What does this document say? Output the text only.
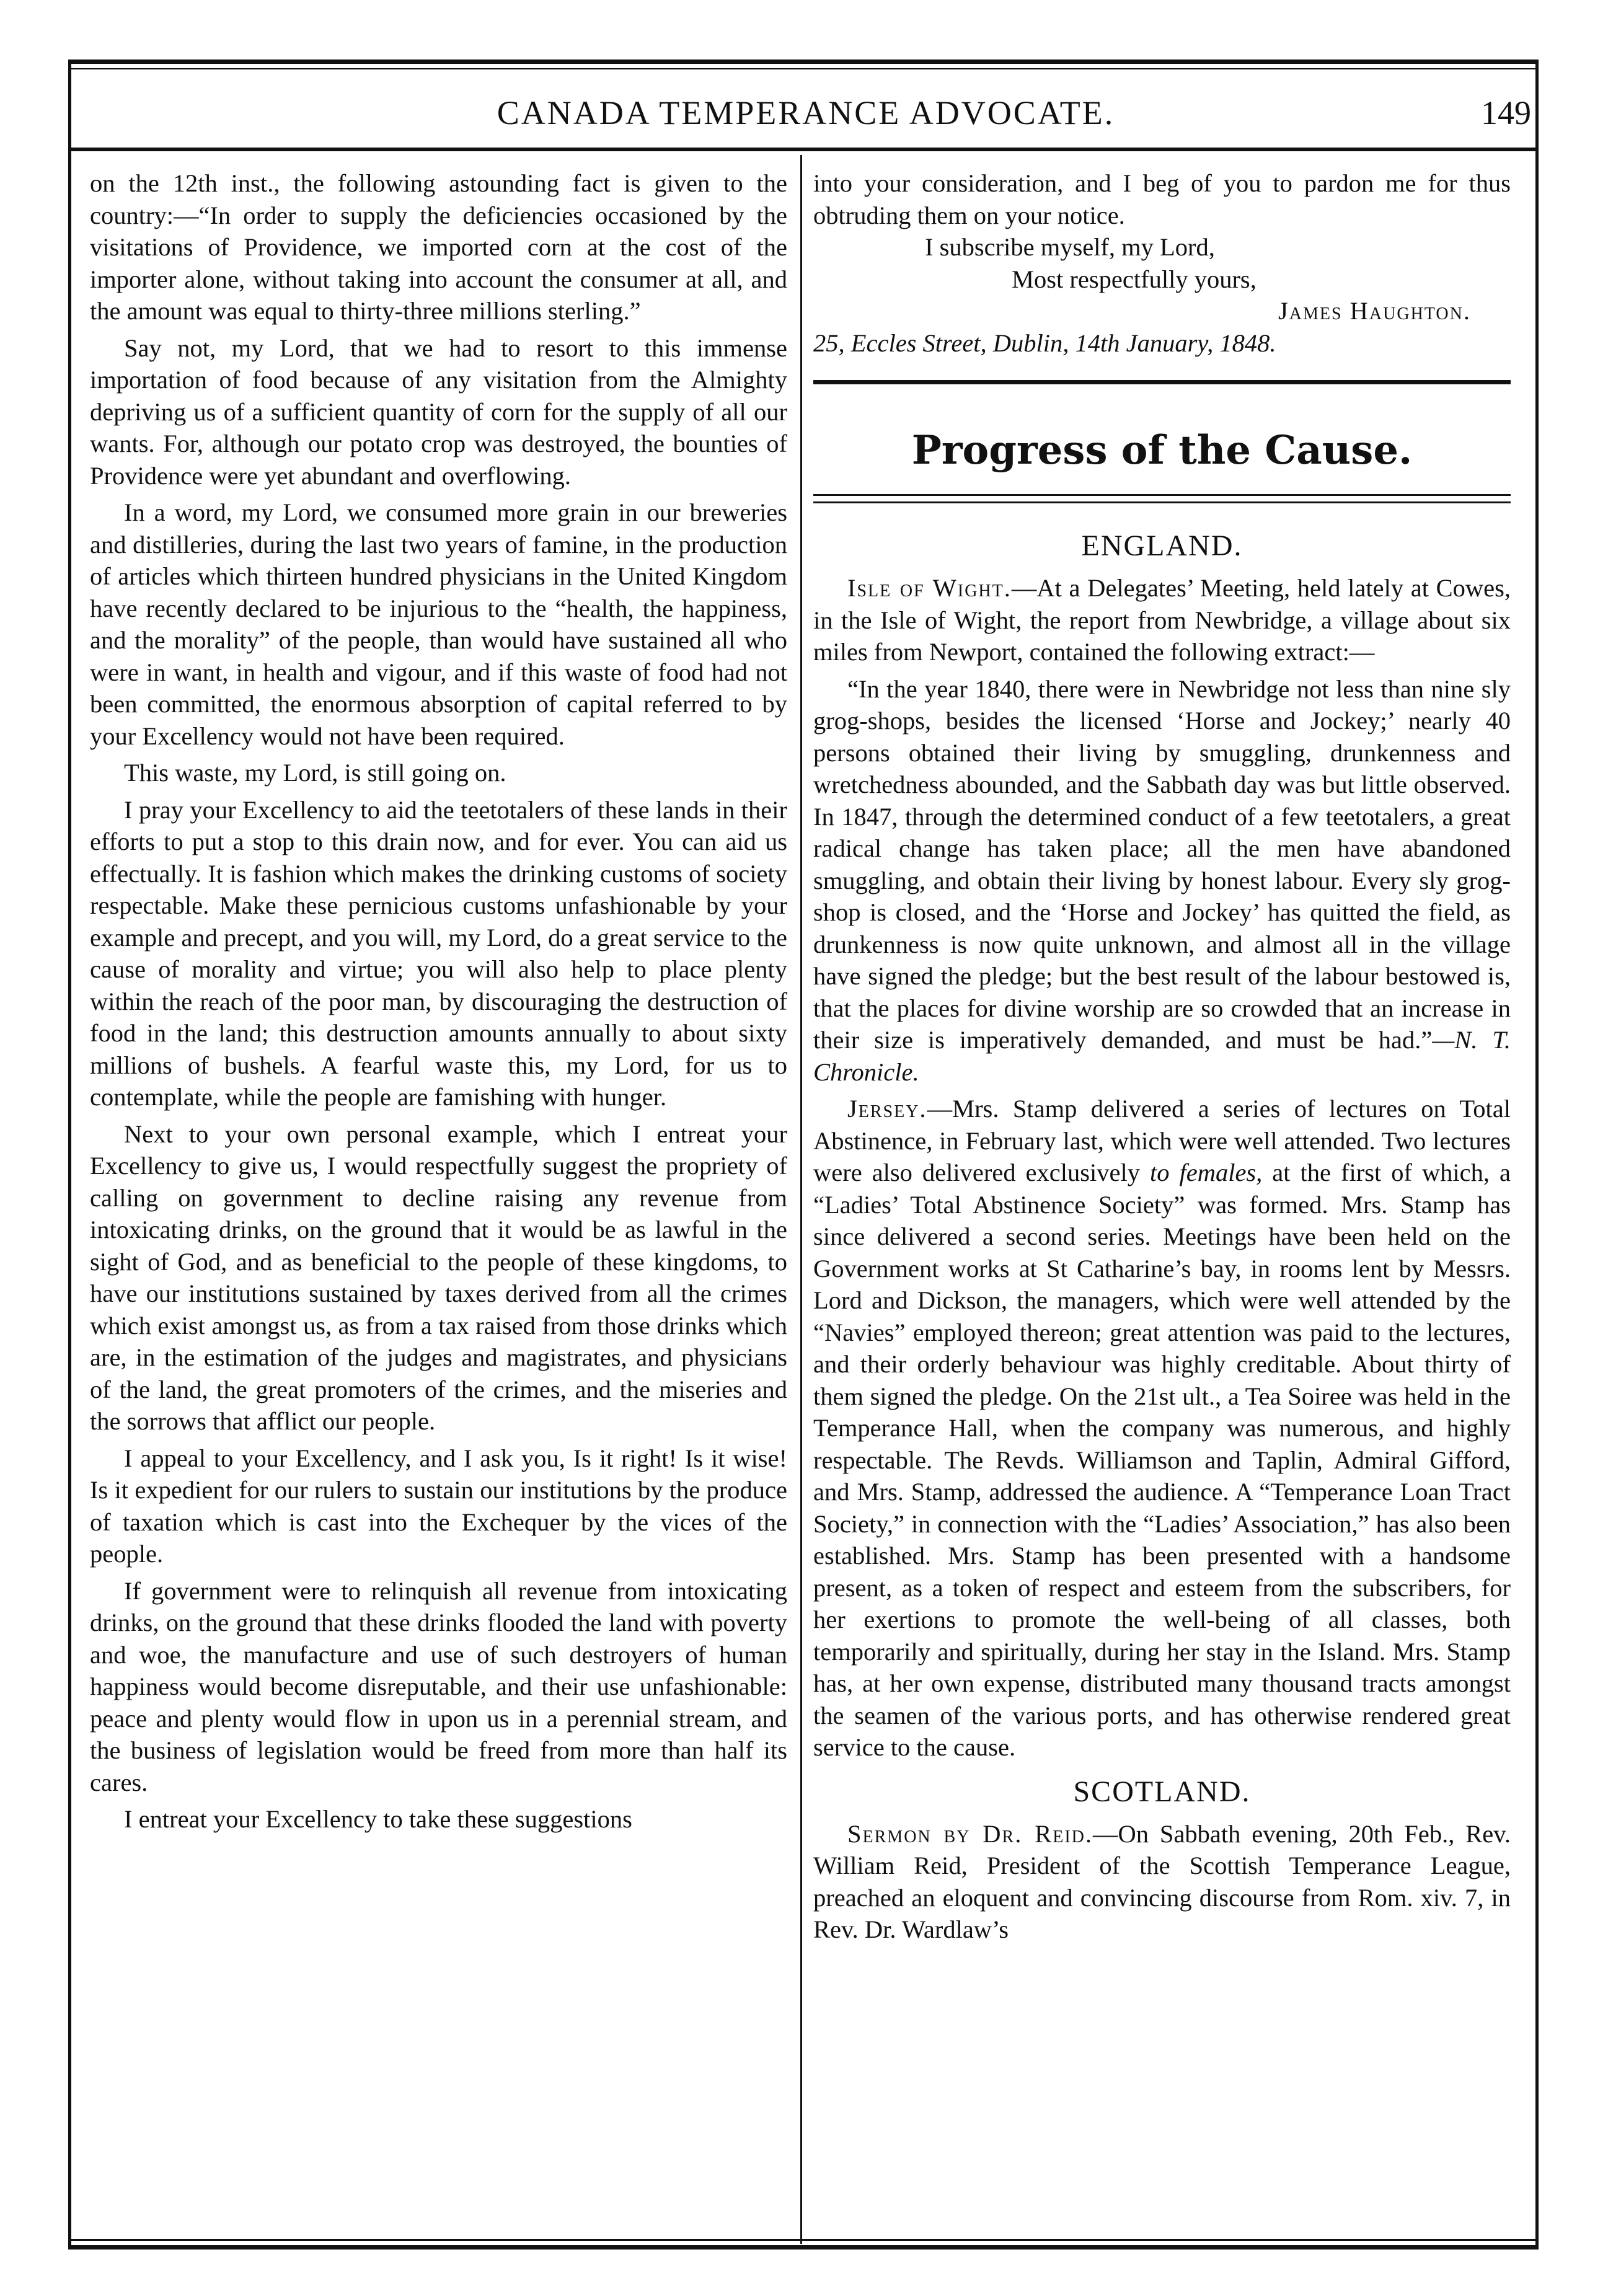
CANADA TEMPERANCE ADVOCATE.	149

on the 12th inst., the following astounding fact is given to the country:—“In order to supply the deficiencies occasioned by the visitations of Providence, we imported corn at the cost of the importer alone, without taking into account the consumer at all, and the amount was equal to thirty-three millions sterling.”

Say not, my Lord, that we had to resort to this immense importation of food because of any visitation from the Almighty depriving us of a sufficient quantity of corn for the supply of all our wants. For, although our potato crop was destroyed, the bounties of Providence were yet abundant and overflowing.

In a word, my Lord, we consumed more grain in our breweries and distilleries, during the last two years of famine, in the production of articles which thirteen hundred physicians in the United Kingdom have recently declared to be injurious to the “health, the happiness, and the morality” of the people, than would have sustained all who were in want, in health and vigour, and if this waste of food had not been committed, the enormous absorption of capital referred to by your Excellency would not have been required.

This waste, my Lord, is still going on.

I pray your Excellency to aid the teetotalers of these lands in their efforts to put a stop to this drain now, and for ever. You can aid us effectually. It is fashion which makes the drinking customs of society respectable. Make these pernicious customs unfashionable by your example and precept, and you will, my Lord, do a great service to the cause of morality and virtue; you will also help to place plenty within the reach of the poor man, by discouraging the destruction of food in the land; this destruction amounts annually to about sixty millions of bushels. A fearful waste this, my Lord, for us to contemplate, while the people are famishing with hunger.

Next to your own personal example, which I entreat your Excellency to give us, I would respectfully suggest the propriety of calling on government to decline raising any revenue from intoxicating drinks, on the ground that it would be as lawful in the sight of God, and as beneficial to the people of these kingdoms, to have our institutions sustained by taxes derived from all the crimes which exist amongst us, as from a tax raised from those drinks which are, in the estimation of the judges and magistrates, and physicians of the land, the great promoters of the crimes, and the miseries and the sorrows that afflict our people.

I appeal to your Excellency, and I ask you, Is it right! Is it wise! Is it expedient for our rulers to sustain our institutions by the produce of taxation which is cast into the Exchequer by the vices of the people.

If government were to relinquish all revenue from intoxicating drinks, on the ground that these drinks flooded the land with poverty and woe, the manufacture and use of such destroyers of human happiness would become disreputable, and their use unfashionable: peace and plenty would flow in upon us in a perennial stream, and the business of legislation would be freed from more than half its cares.

I entreat your Excellency to take these suggestions

into your consideration, and I beg of you to pardon me for thus obtruding them on your notice.

I subscribe myself, my Lord,
Most respectfully yours,
James Haughton.
25, Eccles Street, Dublin, 14th January, 1848.
Progress of the Cause.
ENGLAND.

Isle of Wight.—At a Delegates’ Meeting, held lately at Cowes, in the Isle of Wight, the report from Newbridge, a village about six miles from Newport, contained the following extract:—

“In the year 1840, there were in Newbridge not less than nine sly grog-shops, besides the licensed ‘Horse and Jockey;’ nearly 40 persons obtained their living by smuggling, drunkenness and wretchedness abounded, and the Sabbath day was but little observed. In 1847, through the determined conduct of a few teetotalers, a great radical change has taken place; all the men have abandoned smuggling, and obtain their living by honest labour. Every sly grog-shop is closed, and the ‘Horse and Jockey’ has quitted the field, as drunkenness is now quite unknown, and almost all in the village have signed the pledge; but the best result of the labour bestowed is, that the places for divine worship are so crowded that an increase in their size is imperatively demanded, and must be had.”—N. T. Chronicle.

Jersey.—Mrs. Stamp delivered a series of lectures on Total Abstinence, in February last, which were well attended. Two lectures were also delivered exclusively to females, at the first of which, a “Ladies’ Total Abstinence Society” was formed. Mrs. Stamp has since delivered a second series. Meetings have been held on the Government works at St Catharine’s bay, in rooms lent by Messrs. Lord and Dickson, the managers, which were well attended by the “Navies” employed thereon; great attention was paid to the lectures, and their orderly behaviour was highly creditable. About thirty of them signed the pledge. On the 21st ult., a Tea Soiree was held in the Temperance Hall, when the company was numerous, and highly respectable. The Revds. Williamson and Taplin, Admiral Gifford, and Mrs. Stamp, addressed the audience. A “Temperance Loan Tract Society,” in connection with the “Ladies’ Association,” has also been established. Mrs. Stamp has been presented with a handsome present, as a token of respect and esteem from the subscribers, for her exertions to promote the well-being of all classes, both temporarily and spiritually, during her stay in the Island. Mrs. Stamp has, at her own expense, distributed many thousand tracts amongst the seamen of the various ports, and has otherwise rendered great service to the cause.

SCOTLAND.

Sermon by Dr. Reid.—On Sabbath evening, 20th Feb., Rev. William Reid, President of the Scottish Temperance League, preached an eloquent and convincing discourse from Rom. xiv. 7, in Rev. Dr. Wardlaw’s
